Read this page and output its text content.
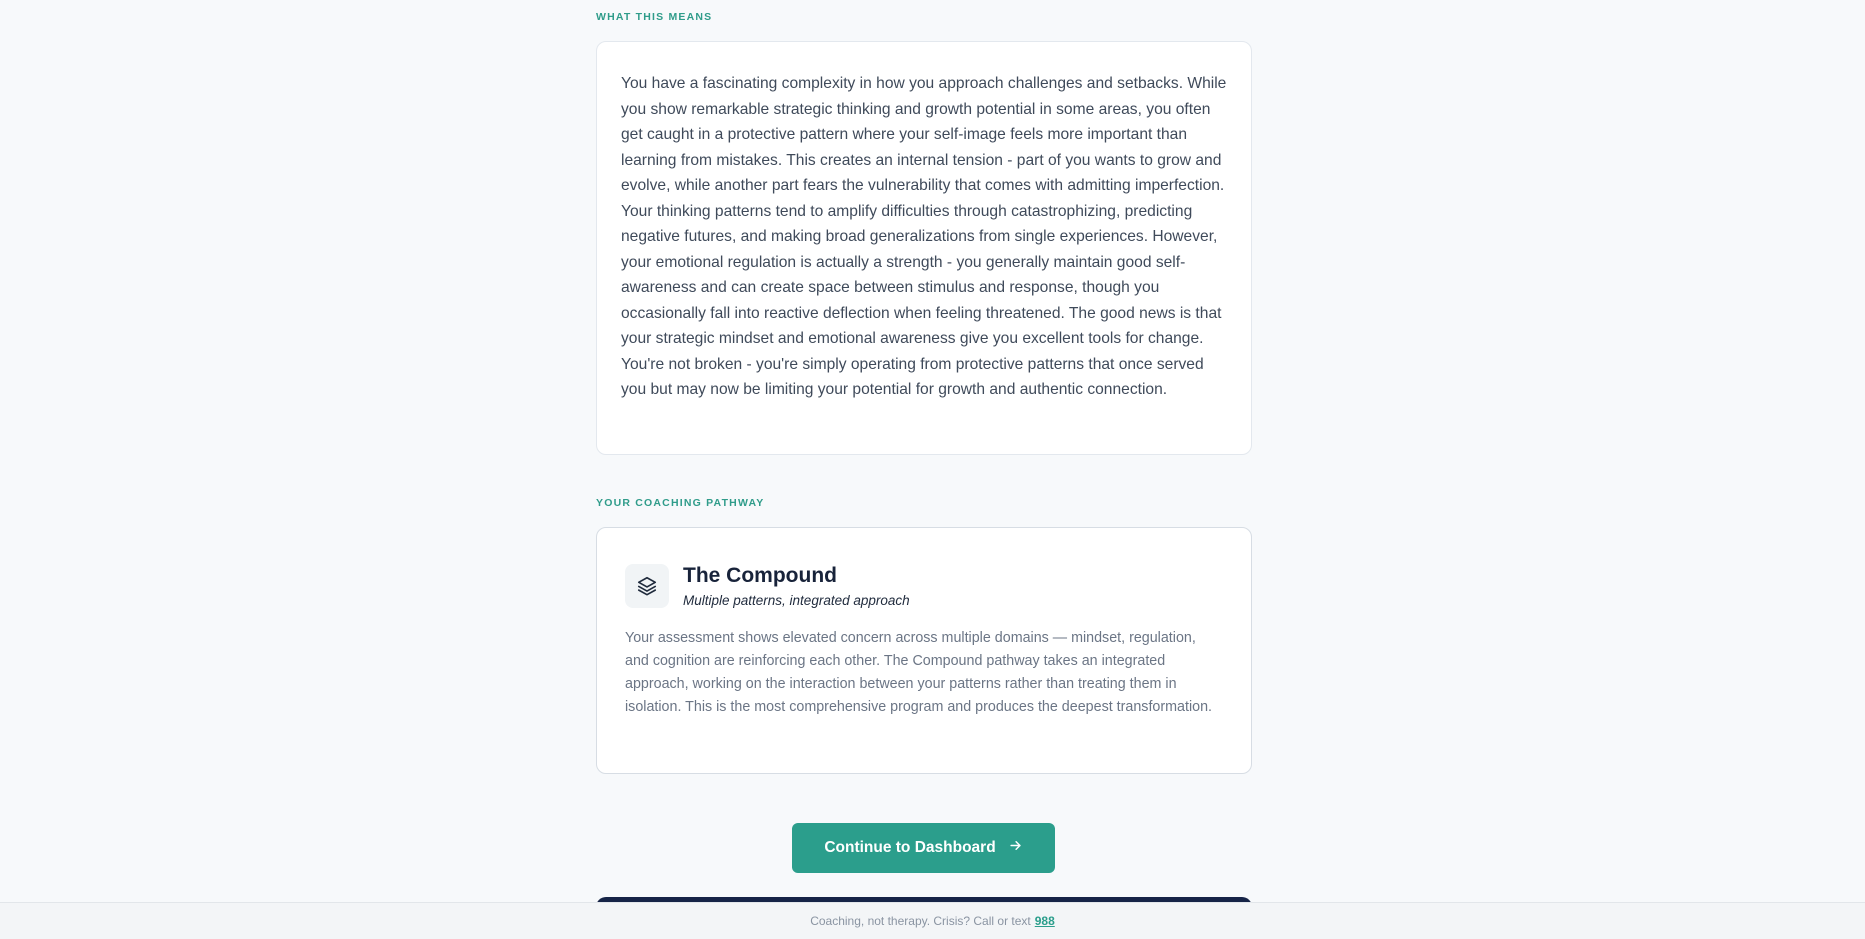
WHAT THIS MEANS

You have a fascinating complexity in how you approach challenges and setbacks. While you show remarkable strategic thinking and growth potential in some areas, you often get caught in a protective pattern where your self-image feels more important than learning from mistakes. This creates an internal tension - part of you wants to grow and evolve, while another part fears the vulnerability that comes with admitting imperfection. Your thinking patterns tend to amplify difficulties through catastrophizing, predicting negative futures, and making broad generalizations from single experiences. However, your emotional regulation is actually a strength - you generally maintain good self-awareness and can create space between stimulus and response, though you occasionally fall into reactive deflection when feeling threatened. The good news is that your strategic mindset and emotional awareness give you excellent tools for change. You're not broken - you're simply operating from protective patterns that once served you but may now be limiting your potential for growth and authentic connection.

YOUR COACHING PATHWAY
The Compound
Multiple patterns, integrated approach

Your assessment shows elevated concern across multiple domains — mindset, regulation, and cognition are reinforcing each other. The Compound pathway takes an integrated approach, working on the interaction between your patterns rather than treating them in isolation. This is the most comprehensive program and produces the deepest transformation.

Continue to Dashboard
Coaching, not therapy. Crisis? Call or text 988
